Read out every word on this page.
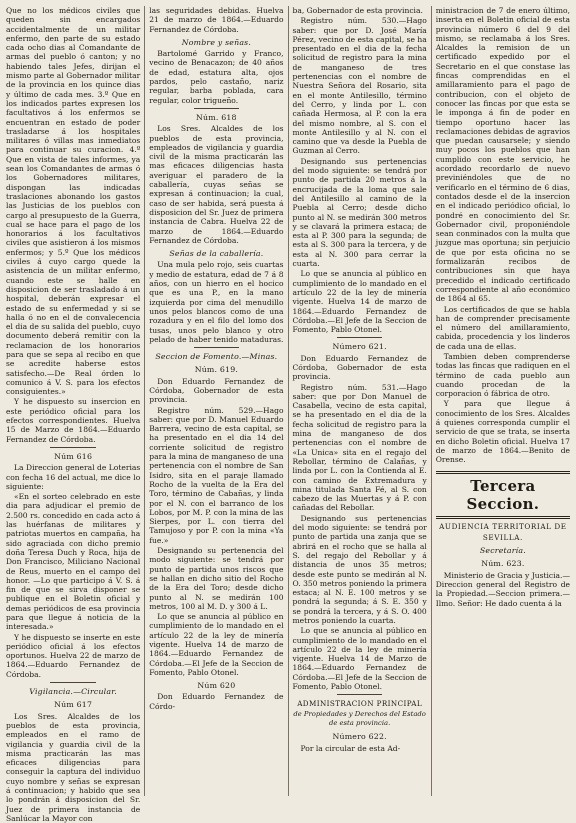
Que no los médicos civiles que queden sin encargados accidentalmente de un militar enfermo, den parte de su estado cada ocho dias al Comandante de armas del pueblo ó canton; y no habiendo tales Jefes, dirijan el mismo parte al Gobernador militar de la provincia en los quince dias y último de cada mes. 3.º Que en los indicados partes expresen los facultativos á los enfermos se encuentran en estado de poder trasladarse á los hospitales militares ó villas mas inmediatos para continuar su curacion. 4.º Que en vista de tales informes, ya sean los Comandantes de armas ó los Gobernadores militares, dispongan las indicadas traslaciones abonando los gastos las Justicias de los pueblos con cargo al presupuesto de la Guerra, cual se hace para el pago de los honorarios á los facultativos civiles que asistieron á los mismos enfermos; y 5.º Que los médicos civiles á cuyo cargo quede la asistencia de un militar enfermo, cuando este se halle en disposicion de ser trasladado á un hospital, deberán expresar el estado de su enfermedad y si se halla ó no en el de convalecencia el dia de su salida del pueblo, cuyo documento deberá remitir con la reclamacion de los honorarios para que se sepa al recibo en que se acredite haberse estos satisfecho.—De Real órden lo comunico á V. S. para los efectos consiguientes.»

Y he dispuesto su insercion en este periódico oficial para los efectos correspondientes. Huelva 15 de Marzo de 1864.—Eduardo Fernandez de Córdoba.

Núm 616

La Direccion general de Loterias con fecha 16 del actual, me dice lo siguiente:

«En el sorteo celebrado en este dia para adjudicar el premio de 2.500 rs. concedido en cada acto á las huérfanas de militares y patriotas muertos en campaña, ha sido agraciada con dicho premio doña Teresa Duch y Roca, hija de Don Francisco, Miliciano Nacional de Reus, muerto en el campo del honor. —Lo que participo á V. S. á fin de que se sirva disponer se publique en el Boletin oficial y demas periódicos de esa provincia para que llegue á noticia de la interesada.»

Y he dispuesto se inserte en este periódico oficial á los efectos oportunos. Huelva 22 de marzo de 1864.—Eduardo Fernandez de Córdoba.

Vigilancia.—Circular.
Núm 617

Los Sres. Alcaldes de los pueblos de esta provincia, empleados en el ramo de vigilancia y guardia civil de la misma practicarán las mas eficaces diligencias para conseguir la captura del individuo cuyo nombre y señas se expresan á continuacion; y habido que sea lo pondrán á disposicion del Sr. Juez de primera instancia de Sanlúcar la Mayor con

las seguridades debidas. Huelva 21 de marzo de 1864.—Eduardo Fernandez de Córdoba.

Nombre y señas.

Bartolomé Garrido y Franco, vecino de Benacazon; de 40 años de edad, estatura alta, ojos pardos, pelo castaño, nariz regular, barba poblada, cara regular, color trigueño.

Núm. 618

Los Sres. Alcaldes de los pueblos de esta provincia, empleados de vigilancia y guardia civil de la misma practicarán las mas eficaces diligencias hasta averiguar el paradero de la caballería, cuyas señas se expresan á continuacion; la cual, caso de ser habida, será puesta á disposicion del Sr. Juez de primera instancia de Cabra. Huelva 22 de marzo de 1864.—Eduardo Fernandez de Córdoba.

Señas de la caballería.

Una mula pelo rojo, seis cuartas y medio de estatura, edad de 7 á 8 años, con un hierro en el hocico que es una P., en la mano izquierda por cima del menudillo unos pelos blancos como de una rozadura y en el filo del lomo dos tusas, unos pelo blanco y otro pelado de haber tenido mataduras.

Seccion de Fomento.—Minas.
Núm. 619.

Don Eduardo Fernandez de Córdoba, Gobernador de esta provincia.

Registro núm. 529.—Hago saber: que por D. Manuel Eduardo Barrera, vecino de esta capital, se ha presentado en el dia 14 del corriente solicitud de registro para la mina de manganeso de una pertenencia con el nombre de San Isidro, sita en el paraje llamado Rocho de la vuelta de la Era del Toro, término de Cabañas, y linda por el N. con el barranco de los Lobos, por M. P. con la mina de las Sierpes, por L. con tierra del Tamujoso y por P. con la mina «Ya fue.»

Designando su pertenencia del modo siguiente: se tendrá por punto de partida unos riscos que se hallan en dicho sitio del Rocho de la Era del Toro; desde dicho punto al N. se medirán 100 metros, 100 al M. D. y 300 á L.

Lo que se anuncia al público en cumplimiento de lo mandado en el artículo 22 de la ley de minería vigente. Huelva 14 de marzo de 1864.—Eduardo Fernandez de Córdoba.—El Jefe de la Seccion de Fomento, Pablo Otonel.

Núm 620

Don Eduardo Fernandez de Córdo-

ba, Gobernador de esta provincia.

Registro núm. 530.—Hago saber: que por D. José María Pérez, vecino de esta capital, se ha presentado en el dia de la fecha solicitud de registro para la mina de manganeso de tres pertenencias con el nombre de Nuestra Señora del Rosario, sita en el monte Antilesillo, término del Cerro, y linda por L. con cañada Hermosa, al P. con la era del mismo nombre, al S. con el monte Antilesillo y al N. con el camino que va desde la Puebla de Guzman al Cerro.

Designando sus pertenencias del modo siguiente: se tendrá por punto de partida 20 metros á la encrucijada de la loma que sale del Antilesillo al camino de la Puebla al Cerro; desde dicho punto al N. se medirán 300 metros y se clavará la primera estaca; de esta al P. 300 para la segunda; de esta al S. 300 para la tercera, y de esta al N. 300 para cerrar la cuarta.

Lo que se anuncia al público en cumplimiento de lo mandado en el artículo 22 de la ley de minería vigente. Huelva 14 de marzo de 1864.—Eduardo Fernandez de Córdoba.—El Jefe de la Seccion de Fomento, Pablo Otonel.

Número 621.

Don Eduardo Fernandez de Córdoba, Gobernador de esta provincia.

Registro núm. 531.—Hago saber: que por Don Manuel de Casabella, vecino de esta capital, se ha presentado en el dia de la fecha solicitud de registro para la mina de manganeso de dos pertenencias con el nombre de «La Unica» sita en el regajo del Rebollar, término de Calañas, y linda por L. con la Contienda al E. con camino de Extremadura y mina titulada Santa Fé, al S. con cabezo de las Muertas y á P. con cañadas del Rebollar.

Designando sus pertenencias del modo siguiente: se tendrá por punto de partida una zanja que se abrirá en el rocho que se halla al S. del regajo del Rebollar y á distancia de unos 35 metros; desde este punto se medirán al N. O. 350 metros poniendo la primera estaca; al N. E. 100 metros y se pondrá la segunda; á S. E. 350 y se pondrá la tercera, y á S. O. 400 metros poniendo la cuarta.

Lo que se anuncia al público en cumplimiento de lo mandado en el artículo 22 de la ley de minería vigente. Huelva 14 de Marzo de 1864.—Eduardo Fernandez de Córdoba.—El Jefe de la Seccion de Fomento, Pablo Otonel.

ADMINISTRACION PRINCIPAL
de Propiedades y Derechos del Estado de esta provincia.
Número 622.

Por la circular de esta Ad-

ministracion de 7 de enero último, inserta en el Boletin oficial de esta provincia número 6 del 9 del mismo, se reclamaba á los Sres. Alcaldes la remision de un certificado expedido por el Secretario en el que constase las fincas comprendidas en el amillaramiento para el pago de contribucion, con el objeto de conocer las fincas por que esta se le imponga á fin de poder en tiempo oportuno hacer las reclamaciones debidas de agravios que puedan causarsele; y siendo muy pocos los pueblos que han cumplido con este servicio, he acordado recordarlo de nuevo previniéndoles que de no verificarlo en el término de 6 dias, contados desde el de la insercion en el indicado periódico oficial, lo pondré en conocimiento del Sr. Gobernador civil, proponiéndole sean conminados con la multa que juzgue mas oportuna; sin perjuicio de que por esta oficina no se formalizarán recibos de contribuciones sin que haya precedido el indicado certificado correspondiente al año económico de 1864 al 65.

Los certificados de que se habla han de comprender precisamente el número del amillaramiento, cabida, procedencia y los linderos de cada una de ellas.

Tambien deben comprenderse todas las fincas que radiquen en el término de cada pueblo aun cuando procedan de la corporacion ó fábrica de otro.

Y para que llegue á conocimiento de los Sres. Alcaldes á quienes corresponda cumplir el servicio de que se trata, se inserta en dicho Boletin oficial. Huelva 17 de marzo de 1864.—Benito de Orense.

Tercera Seccion.
AUDIENCIA TERRITORIAL DE
SEVILLA.
Secretaría.
Núm. 623.

Ministerio de Gracia y Justicia.—Direccion general del Registro de la Propiedad.—Seccion primera.—Ilmo. Señor: He dado cuenta á la
